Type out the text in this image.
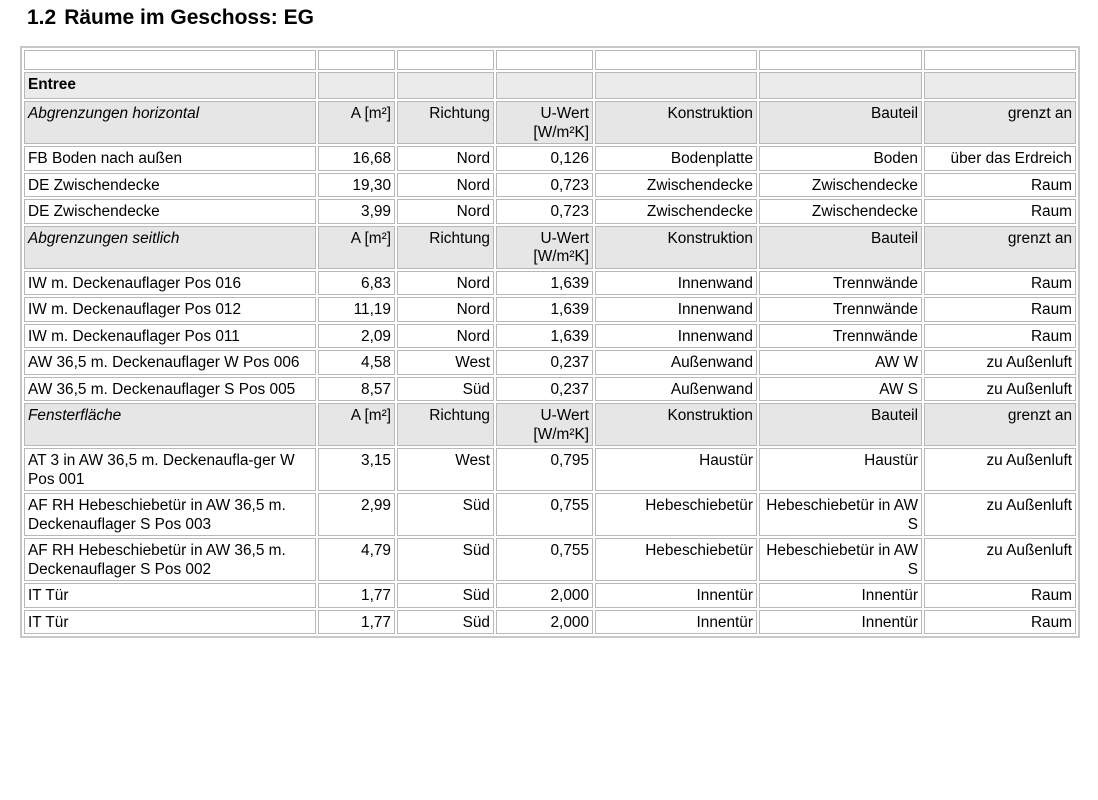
1.2 Räume im Geschoss: EG

Entree						
Abgrenzungen horizontal	A [m²]	Richtung	U-Wert [W/m²K]	Konstruktion	Bauteil	grenzt an
FB Boden nach außen	16,68	Nord	0,126	Bodenplatte	Boden	über das Erdreich
DE Zwischendecke	19,30	Nord	0,723	Zwischendecke	Zwischendecke	Raum
DE Zwischendecke	3,99	Nord	0,723	Zwischendecke	Zwischendecke	Raum
Abgrenzungen seitlich	A [m²]	Richtung	U-Wert [W/m²K]	Konstruktion	Bauteil	grenzt an
IW m. Deckenauflager Pos 016	6,83	Nord	1,639	Innenwand	Trennwände	Raum
IW m. Deckenauflager Pos 012	11,19	Nord	1,639	Innenwand	Trennwände	Raum
IW m. Deckenauflager Pos 011	2,09	Nord	1,639	Innenwand	Trennwände	Raum
AW 36,5 m. Deckenauflager W Pos 006	4,58	West	0,237	Außenwand	AW W	zu Außenluft
AW 36,5 m. Deckenauflager S Pos 005	8,57	Süd	0,237	Außenwand	AW S	zu Außenluft
Fensterfläche	A [m²]	Richtung	U-Wert [W/m²K]	Konstruktion	Bauteil	grenzt an
AT 3 in AW 36,5 m. Deckenaufla-ger W Pos 001	3,15	West	0,795	Haustür	Haustür	zu Außenluft
AF RH Hebeschiebetür in AW 36,5 m. Deckenauflager S Pos 003	2,99	Süd	0,755	Hebeschiebetür	Hebeschiebetür in AW S	zu Außenluft
AF RH Hebeschiebetür in AW 36,5 m. Deckenauflager S Pos 002	4,79	Süd	0,755	Hebeschiebetür	Hebeschiebetür in AW S	zu Außenluft
IT Tür	1,77	Süd	2,000	Innentür	Innentür	Raum
IT Tür	1,77	Süd	2,000	Innentür	Innentür	Raum
